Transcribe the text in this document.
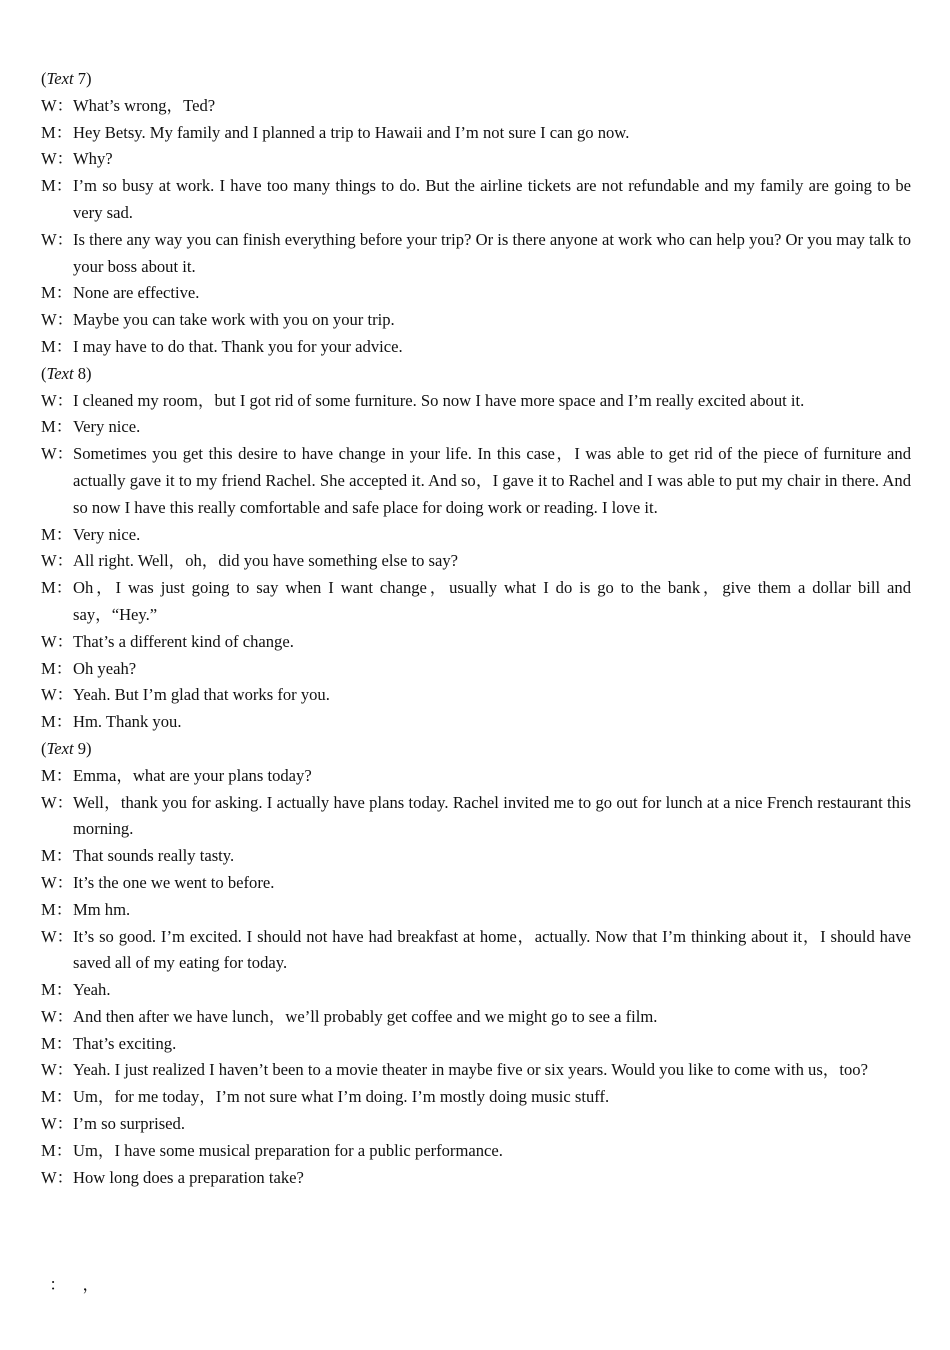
(Text 7)
W：What’s wrong，Ted?
M：Hey Betsy. My family and I planned a trip to Hawaii and I’m not sure I can go now.
W：Why?
M：I’m so busy at work. I have too many things to do. But the airline tickets are not refundable and my family are going to be very sad.
W：Is there any way you can finish everything before your trip? Or is there anyone at work who can help you? Or you may talk to your boss about it.
M：None are effective.
W：Maybe you can take work with you on your trip.
M：I may have to do that. Thank you for your advice.
(Text 8)
W：I cleaned my room，but I got rid of some furniture. So now I have more space and I’m really excited about it.
M：Very nice.
W：Sometimes you get this desire to have change in your life. In this case，I was able to get rid of the piece of furniture and actually gave it to my friend Rachel. She accepted it. And so，I gave it to Rachel and I was able to put my chair in there. And so now I have this really comfortable and safe place for doing work or reading. I love it.
M：Very nice.
W：All right. Well，oh，did you have something else to say?
M：Oh，I was just going to say when I want change，usually what I do is go to the bank，give them a dollar bill and say，“Hey.”
W：That’s a different kind of change.
M：Oh yeah?
W：Yeah. But I’m glad that works for you.
M：Hm. Thank you.
(Text 9)
M：Emma，what are your plans today?
W：Well，thank you for asking. I actually have plans today. Rachel invited me to go out for lunch at a nice French restaurant this morning.
M：That sounds really tasty.
W：It’s the one we went to before.
M：Mm hm.
W：It’s so good. I’m excited. I should not have had breakfast at home，actually. Now that I’m thinking about it，I should have saved all of my eating for today.
M：Yeah.
W：And then after we have lunch，we’ll probably get coffee and we might go to see a film.
M：That’s exciting.
W：Yeah. I just realized I haven’t been to a movie theater in maybe five or six years. Would you like to come with us，too?
M：Um，for me today，I’m not sure what I’m doing. I’m mostly doing music stuff.
W：I’m so surprised.
M：Um，I have some musical preparation for a public performance.
W：How long does a preparation take?
：    ，
